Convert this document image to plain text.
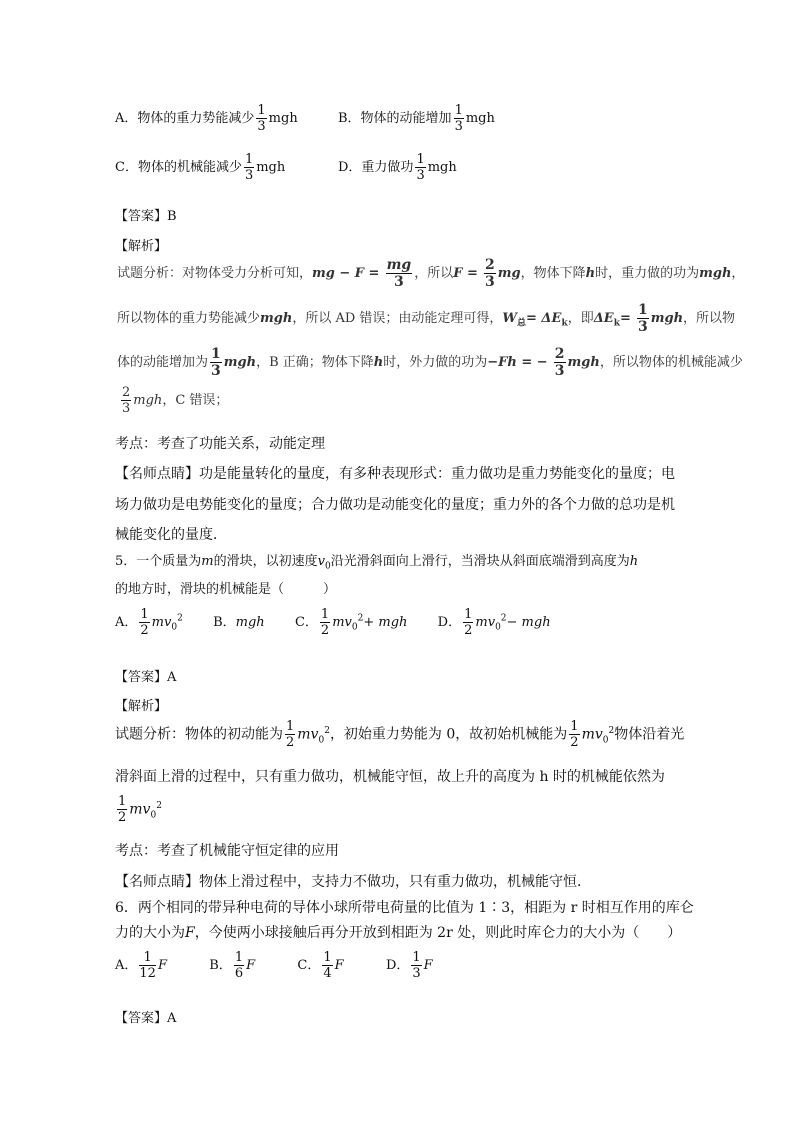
A．物体的重力势能减少 $\frac{1}{3}$ mgh	B．物体的动能增加 $\frac{1}{3}$ mgh
C．物体的机械能减少 $\frac{1}{3}$ mgh	D．重力做功 $\frac{1}{3}$ mgh
【答案】B
【解析】
试题分析：对物体受力分析可知，mg − $F = \frac{mg}{3}$ ，所以$F = \frac{2}{3}$ mg，物体下降h时，重力做的功为mgh，
所以物体的重力势能减少mgh，所以 AD 错误；由动能定理可得，$W_总= \Delta E_k$，即$\Delta E_k= \frac{1}{3}$ mgh，所以物
体的动能增加为 $\frac{1}{3}$ mgh，B 正确；物体下降h时，外力做的功为−Fh = − $\frac{2}{3}$ mgh，所以物体的机械能减少
$\frac{2}{3}$ mgh，C 错误；
考点：考查了功能关系，动能定理
【名师点睛】功是能量转化的量度，有多种表现形式：重力做功是重力势能变化的量度；电
场力做功是电势能变化的量度；合力做功是动能变化的量度；重力外的各个力做的总功是机
械能变化的量度．
5．一个质量为m的滑块，以初速度$v_0$沿光滑斜面向上滑行，当滑块从斜面底端滑到高度为h
的地方时，滑块的机械能是（　　　）
A． $\frac{1}{2} mv_0^2$ B．mgh C． $\frac{1}{2} mv_0^2+$ mgh D． $\frac{1}{2} mv_0^2-$ mgh
【答案】A
【解析】
试题分析：物体的初动能为 $\frac{1}{2} mv_0^2$，初始重力势能为 0，故初始机械能为 $\frac{1}{2} mv_0^2$物体沿着光
滑斜面上滑的过程中，只有重力做功，机械能守恒，故上升的高度为 h 时的机械能依然为
$\frac{1}{2} mv_0^2$
考点：考查了机械能守恒定律的应用
【名师点睛】物体上滑过程中，支持力不做功，只有重力做功，机械能守恒．
6．两个相同的带异种电荷的导体小球所带电荷量的比值为 1∶3，相距为 r 时相互作用的库仑
力的大小为F，今使两小球接触后再分开放到相距为 2r 处，则此时库仑力的大小为（　　）
A． $\frac{1}{12}$ F	B． $\frac{1}{6}$ F	C． $\frac{1}{4}$ F	D． $\frac{1}{3}$ F
【答案】A
